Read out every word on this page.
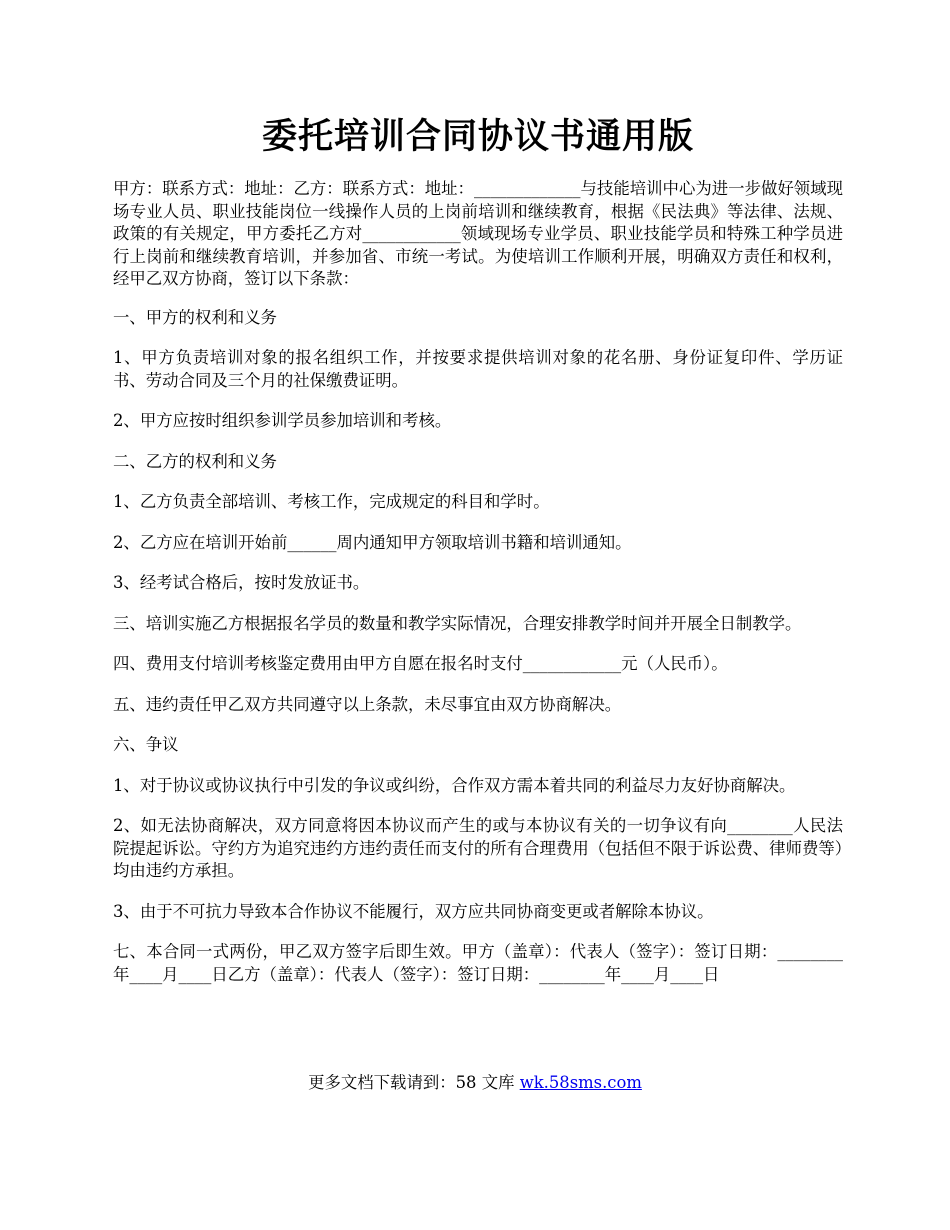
委托培训合同协议书通用版

甲方：联系方式：地址：乙方：联系方式：地址：_____________与技能培训中心为进一步做好领域现场专业人员、职业技能岗位一线操作人员的上岗前培训和继续教育，根据《民法典》等法律、法规、政策的有关规定，甲方委托乙方对____________领域现场专业学员、职业技能学员和特殊工种学员进行上岗前和继续教育培训，并参加省、市统一考试。为使培训工作顺利开展，明确双方责任和权利，经甲乙双方协商，签订以下条款：

一、甲方的权利和义务

1、甲方负责培训对象的报名组织工作，并按要求提供培训对象的花名册、身份证复印件、学历证书、劳动合同及三个月的社保缴费证明。

2、甲方应按时组织参训学员参加培训和考核。

二、乙方的权利和义务

1、乙方负责全部培训、考核工作，完成规定的科目和学时。

2、乙方应在培训开始前______周内通知甲方领取培训书籍和培训通知。

3、经考试合格后，按时发放证书。

三、培训实施乙方根据报名学员的数量和教学实际情况，合理安排教学时间并开展全日制教学。

四、费用支付培训考核鉴定费用由甲方自愿在报名时支付____________元（人民币）。

五、违约责任甲乙双方共同遵守以上条款，未尽事宜由双方协商解决。

六、争议

1、对于协议或协议执行中引发的争议或纠纷，合作双方需本着共同的利益尽力友好协商解决。

2、如无法协商解决，双方同意将因本协议而产生的或与本协议有关的一切争议有向________人民法院提起诉讼。守约方为追究违约方违约责任而支付的所有合理费用（包括但不限于诉讼费、律师费等）均由违约方承担。

3、由于不可抗力导致本合作协议不能履行，双方应共同协商变更或者解除本协议。

七、本合同一式两份，甲乙双方签字后即生效。甲方（盖章）：代表人（签字）：签订日期：________年____月____日乙方（盖章）：代表人（签字）：签订日期：________年____月____日

更多文档下载请到：58 文库 wk.58sms.com
